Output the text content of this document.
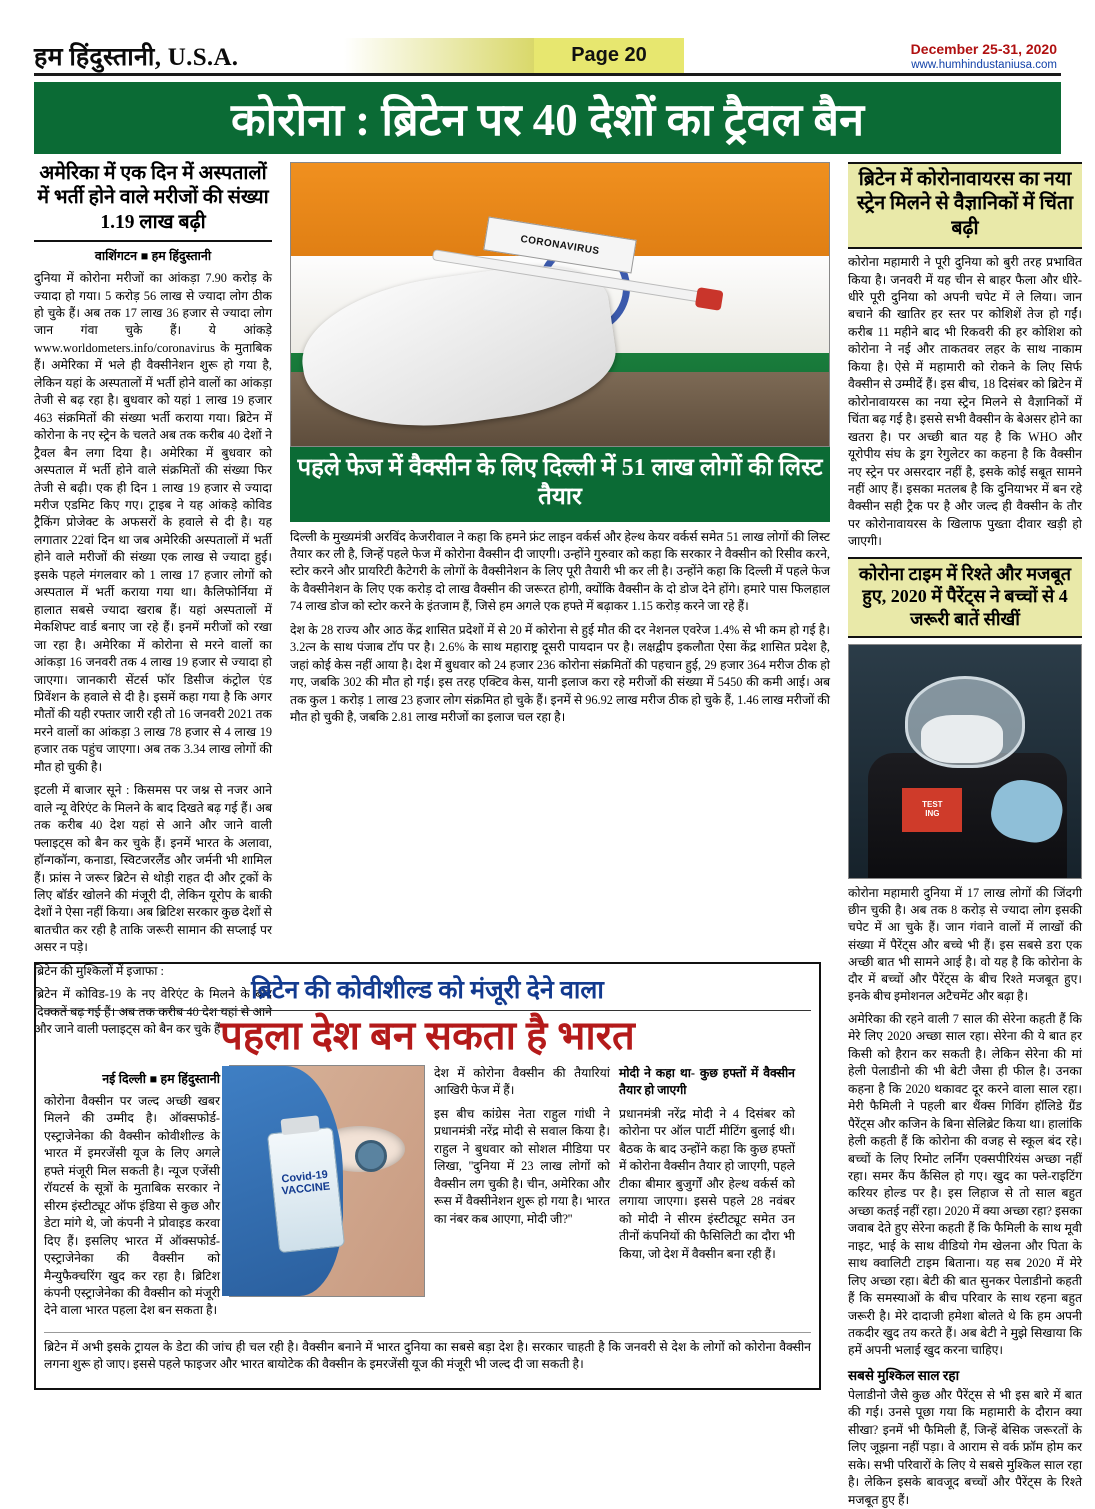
हम हिंदुस्तानी, U.S.A.	Page 20	December 25-31, 2020
www.humhindustaniusa.com
कोरोना : ब्रिटेन पर 40 देशों का ट्रैवल बैन
अमेरिका में एक दिन में अस्पतालों में भर्ती होने वाले मरीजों की संख्या 1.19 लाख बढ़ी
वाशिंगटन ■ हम हिंदुस्तानी

दुनिया में कोरोना मरीजों का आंकड़ा 7.90 करोड़ के ज्यादा हो गया। 5 करोड़ 56 लाख से ज्यादा लोग ठीक हो चुके हैं। अब तक 17 लाख 36 हजार से ज्यादा लोग जान गंवा चुके हैं। ये आंकड़े www.worldometers.info/coronavirus के मुताबिक हैं। अमेरिका में भले ही वैक्सीनेशन शुरू हो गया है, लेकिन यहां के अस्पतालों में भर्ती होने वालों का आंकड़ा तेजी से बढ़ रहा है। बुधवार को यहां 1 लाख 19 हजार 463 संक्रमितों की संख्या भर्ती कराया गया। ब्रिटेन में कोरोना के नए स्ट्रेन के चलते अब तक करीब 40 देशों ने ट्रैवल बैन लगा दिया है। अमेरिका में बुधवार को अस्पताल में भर्ती होने वाले संक्रमितों की संख्या फिर तेजी से बढ़ी। एक ही दिन 1 लाख 19 हजार से ज्यादा मरीज एडमिट किए गए। ट्राइब ने यह आंकड़े कोविड ट्रैकिंग प्रोजेक्ट के अफसरों के हवाले से दी है। यह लगातार 22वां दिन था जब अमेरिकी अस्पतालों में भर्ती होने वाले मरीजों की संख्या एक लाख से ज्यादा हुई। इसके पहले मंगलवार को 1 लाख 17 हजार लोगों को अस्पताल में भर्ती कराया गया था। कैलिफोर्निया में हालात सबसे ज्यादा खराब हैं। यहां अस्पतालों में मेकशिफ्ट वार्ड बनाए जा रहे हैं। इनमें मरीजों को रखा जा रहा है। अमेरिका में कोरोना से मरने वालों का आंकड़ा 16 जनवरी तक 4 लाख 19 हजार से ज्यादा हो जाएगा। जानकारी सेंटर्स फॉर डिसीज कंट्रोल एंड प्रिवेंशन के हवाले से दी है। इसमें कहा गया है कि अगर मौतों की यही रफ्तार जारी रही तो 16 जनवरी 2021 तक मरने वालों का आंकड़ा 3 लाख 78 हजार से 4 लाख 19 हजार तक पहुंच जाएगा। अब तक 3.34 लाख लोगों की मौत हो चुकी है।

इटली में बाजार सूने : किसमस पर जश्न से नजर आने वाले न्यू वेरिएंट के मिलने के बाद दिखते बढ़ गई हैं। अब तक करीब 40 देश यहां से आने और जाने वाली फ्लाइट्स को बैन कर चुके हैं। इनमें भारत के अलावा, हॉन्गकॉन्ग, कनाडा, स्विटजरलैंड और जर्मनी भी शामिल हैं। फ्रांस ने जरूर ब्रिटेन से थोड़ी राहत दी और ट्रकों के लिए बॉर्डर खोलने की मंजूरी दी, लेकिन यूरोप के बाकी देशों ने ऐसा नहीं किया। अब ब्रिटिश सरकार कुछ देशों से बातचीत कर रही है ताकि जरूरी सामान की सप्लाई पर असर न पड़े।

ब्रिटेन की मुश्किलों में इजाफा :

ब्रिटेन में कोविड-19 के नए वेरिएंट के मिलने के बाद दिक्कतें बढ़ गई हैं। अब तक करीब 40 देश यहां से आने और जाने वाली फ्लाइट्स को बैन कर चुके हैं।

CORONAVIRUS
पहले फेज में वैक्सीन के लिए दिल्ली में 51 लाख लोगों की लिस्ट तैयार

दिल्ली के मुख्यमंत्री अरविंद केजरीवाल ने कहा कि हमने फ्रंट लाइन वर्कर्स और हेल्थ केयर वर्कर्स समेत 51 लाख लोगों की लिस्ट तैयार कर ली है, जिन्हें पहले फेज में कोरोना वैक्सीन दी जाएगी। उन्होंने गुरुवार को कहा कि सरकार ने वैक्सीन को रिसीव करने, स्टोर करने और प्रायरिटी कैटेगरी के लोगों के वैक्सीनेशन के लिए पूरी तैयारी भी कर ली है। उन्होंने कहा कि दिल्ली में पहले फेज के वैक्सीनेशन के लिए एक करोड़ दो लाख वैक्सीन की जरूरत होगी, क्योंकि वैक्सीन के दो डोज देने होंगे। हमारे पास फिलहाल 74 लाख डोज को स्टोर करने के इंतजाम हैं, जिसे हम अगले एक हफ्ते में बढ़ाकर 1.15 करोड़ करने जा रहे हैं।

देश के 28 राज्य और आठ केंद्र शासित प्रदेशों में से 20 में कोरोना से हुई मौत की दर नेशनल एवरेज 1.4% से भी कम हो गई है। 3.2त्न के साथ पंजाब टॉप पर है। 2.6% के साथ महाराष्ट्र दूसरी पायदान पर है। लक्षद्वीप इकलौता ऐसा केंद्र शासित प्रदेश है, जहां कोई केस नहीं आया है। देश में बुधवार को 24 हजार 236 कोरोना संक्रमितों की पहचान हुई, 29 हजार 364 मरीज ठीक हो गए, जबकि 302 की मौत हो गई। इस तरह एक्टिव केस, यानी इलाज करा रहे मरीजों की संख्या में 5450 की कमी आई। अब तक कुल 1 करोड़ 1 लाख 23 हजार लोग संक्रमित हो चुके हैं। इनमें से 96.92 लाख मरीज ठीक हो चुके हैं, 1.46 लाख मरीजों की मौत हो चुकी है, जबकि 2.81 लाख मरीजों का इलाज चल रहा है।

ब्रिटेन में कोरोनावायरस का नया स्ट्रेन मिलने से वैज्ञानिकों में चिंता बढ़ी

कोरोना महामारी ने पूरी दुनिया को बुरी तरह प्रभावित किया है। जनवरी में यह चीन से बाहर फैला और धीरे-धीरे पूरी दुनिया को अपनी चपेट में ले लिया। जान बचाने की खातिर हर स्तर पर कोशिशें तेज हो गईं। करीब 11 महीने बाद भी रिकवरी की हर कोशिश को कोरोना ने नई और ताकतवर लहर के साथ नाकाम किया है। ऐसे में महामारी को रोकने के लिए सिर्फ वैक्सीन से उम्मीदें हैं। इस बीच, 18 दिसंबर को ब्रिटेन में कोरोनावायरस का नया स्ट्रेन मिलने से वैज्ञानिकों में चिंता बढ़ गई है। इससे सभी वैक्सीन के बेअसर होने का खतरा है। पर अच्छी बात यह है कि WHO और यूरोपीय संघ के ड्रग रेगुलेटर का कहना है कि वैक्सीन नए स्ट्रेन पर असरदार नहीं है, इसके कोई सबूत सामने नहीं आए हैं। इसका मतलब है कि दुनियाभर में बन रहे वैक्सीन सही ट्रैक पर है और जल्द ही वैक्सीन के तौर पर कोरोनावायरस के खिलाफ पुख्ता दीवार खड़ी हो जाएगी।

कोरोना टाइम में रिश्ते और मजबूत हुए, 2020 में पैरेंट्स ने बच्चों से 4 जरूरी बातें सीखीं
TEST
ING

कोरोना महामारी दुनिया में 17 लाख लोगों की जिंदगी छीन चुकी है। अब तक 8 करोड़ से ज्यादा लोग इसकी चपेट में आ चुके हैं। जान गंवाने वालों में लाखों की संख्या में पैरेंट्स और बच्चे भी हैं। इस सबसे डरा एक अच्छी बात भी सामने आई है। वो यह है कि कोरोना के दौर में बच्चों और पैरेंट्स के बीच रिश्ते मजबूत हुए। इनके बीच इमोशनल अटैचमेंट और बढ़ा है।

अमेरिका की रहने वाली 7 साल की सेरेना कहती हैं कि मेरे लिए 2020 अच्छा साल रहा। सेरेना की ये बात हर किसी को हैरान कर सकती है। लेकिन सेरेना की मां हेली पेलाडीनो की भी बेटी जैसा ही फील है। उनका कहना है कि 2020 थकावट दूर करने वाला साल रहा। मेरी फैमिली ने पहली बार थैंक्स गिविंग हॉलिडे ग्रैंड पैरेंट्स और कजिन के बिना सेलिब्रेट किया था। हालांकि हेली कहती हैं कि कोरोना की वजह से स्कूल बंद रहे। बच्चों के लिए रिमोट लर्निंग एक्सपीरियंस अच्छा नहीं रहा। समर कैंप कैंसिल हो गए। खुद का फ्ले-राइटिंग करियर होल्ड पर है। इस लिहाज से तो साल बहुत अच्छा कतई नहीं रहा। 2020 में क्या अच्छा रहा? इसका जवाब देते हुए सेरेना कहती हैं कि फैमिली के साथ मूवी नाइट, भाई के साथ वीडियो गेम खेलना और पिता के साथ क्वालिटी टाइम बिताना। यह सब 2020 में मेरे लिए अच्छा रहा। बेटी की बात सुनकर पेलाडीनो कहती हैं कि समस्याओं के बीच परिवार के साथ रहना बहुत जरूरी है। मेरे दादाजी हमेशा बोलते थे कि हम अपनी तकदीर खुद तय करते हैं। अब बेटी ने मुझे सिखाया कि हमें अपनी भलाई खुद करना चाहिए।

सबसे मुश्किल साल रहा

पेलाडीनो जैसे कुछ और पैरेंट्स से भी इस बारे में बात की गई। उनसे पूछा गया कि महामारी के दौरान क्या सीखा? इनमें भी फैमिली हैं, जिन्हें बेसिक जरूरतों के लिए जूझना नहीं पड़ा। वे आराम से वर्क फ्रॉम होम कर सके। सभी परिवारों के लिए ये सबसे मुश्किल साल रहा है। लेकिन इसके बावजूद बच्चों और पैरेंट्स के रिश्ते मजबूत हुए हैं।

ब्रिटेन की कोवीशील्ड को मंजूरी देने वाला
पहला देश बन सकता है भारत
नई दिल्ली ■ हम हिंदुस्तानी

कोरोना वैक्सीन पर जल्द अच्छी खबर मिलने की उम्मीद है। ऑक्सफोर्ड-एस्ट्राजेनेका की वैक्सीन कोवीशील्ड के भारत में इमरजेंसी यूज के लिए अगले हफ्ते मंजूरी मिल सकती है। न्यूज एजेंसी रॉयटर्स के सूत्रों के मुताबिक सरकार ने सीरम इंस्टीट्यूट ऑफ इंडिया से कुछ और डेटा मांगे थे, जो कंपनी ने प्रोवाइड करवा दिए हैं। इसलिए भारत में ऑक्सफोर्ड-एस्ट्राजेनेका की वैक्सीन को मैन्युफैक्चरिंग खुद कर रहा है। ब्रिटिश कंपनी एस्ट्राजेनेका की वैक्सीन को मंजूरी देने वाला भारत पहला देश बन सकता है।

Covid-19 VACCINE

देश में कोरोना वैक्सीन की तैयारियां आखिरी फेज में हैं।

इस बीच कांग्रेस नेता राहुल गांधी ने प्रधानमंत्री नरेंद्र मोदी से सवाल किया है। राहुल ने बुधवार को सोशल मीडिया पर लिखा, ''दुनिया में 23 लाख लोगों को वैक्सीन लग चुकी है। चीन, अमेरिका और रूस में वैक्सीनेशन शुरू हो गया है। भारत का नंबर कब आएगा, मोदी जी?''

मोदी ने कहा था- कुछ हफ्तों में वैक्सीन तैयार हो जाएगी

प्रधानमंत्री नरेंद्र मोदी ने 4 दिसंबर को कोरोना पर ऑल पार्टी मीटिंग बुलाई थी। बैठक के बाद उन्होंने कहा कि कुछ हफ्तों में कोरोना वैक्सीन तैयार हो जाएगी, पहले टीका बीमार बुजुर्गों और हेल्थ वर्कर्स को लगाया जाएगा। इससे पहले 28 नवंबर को मोदी ने सीरम इंस्टीट्यूट समेत उन तीनों कंपनियों की फैसिलिटी का दौरा भी किया, जो देश में वैक्सीन बना रही हैं।

ब्रिटेन में अभी इसके ट्रायल के डेटा की जांच ही चल रही है। वैक्सीन बनाने में भारत दुनिया का सबसे बड़ा देश है। सरकार चाहती है कि जनवरी से देश के लोगों को कोरोना वैक्सीन लगना शुरू हो जाए। इससे पहले फाइजर और भारत बायोटेक की वैक्सीन के इमरजेंसी यूज की मंजूरी भी जल्द दी जा सकती है।
